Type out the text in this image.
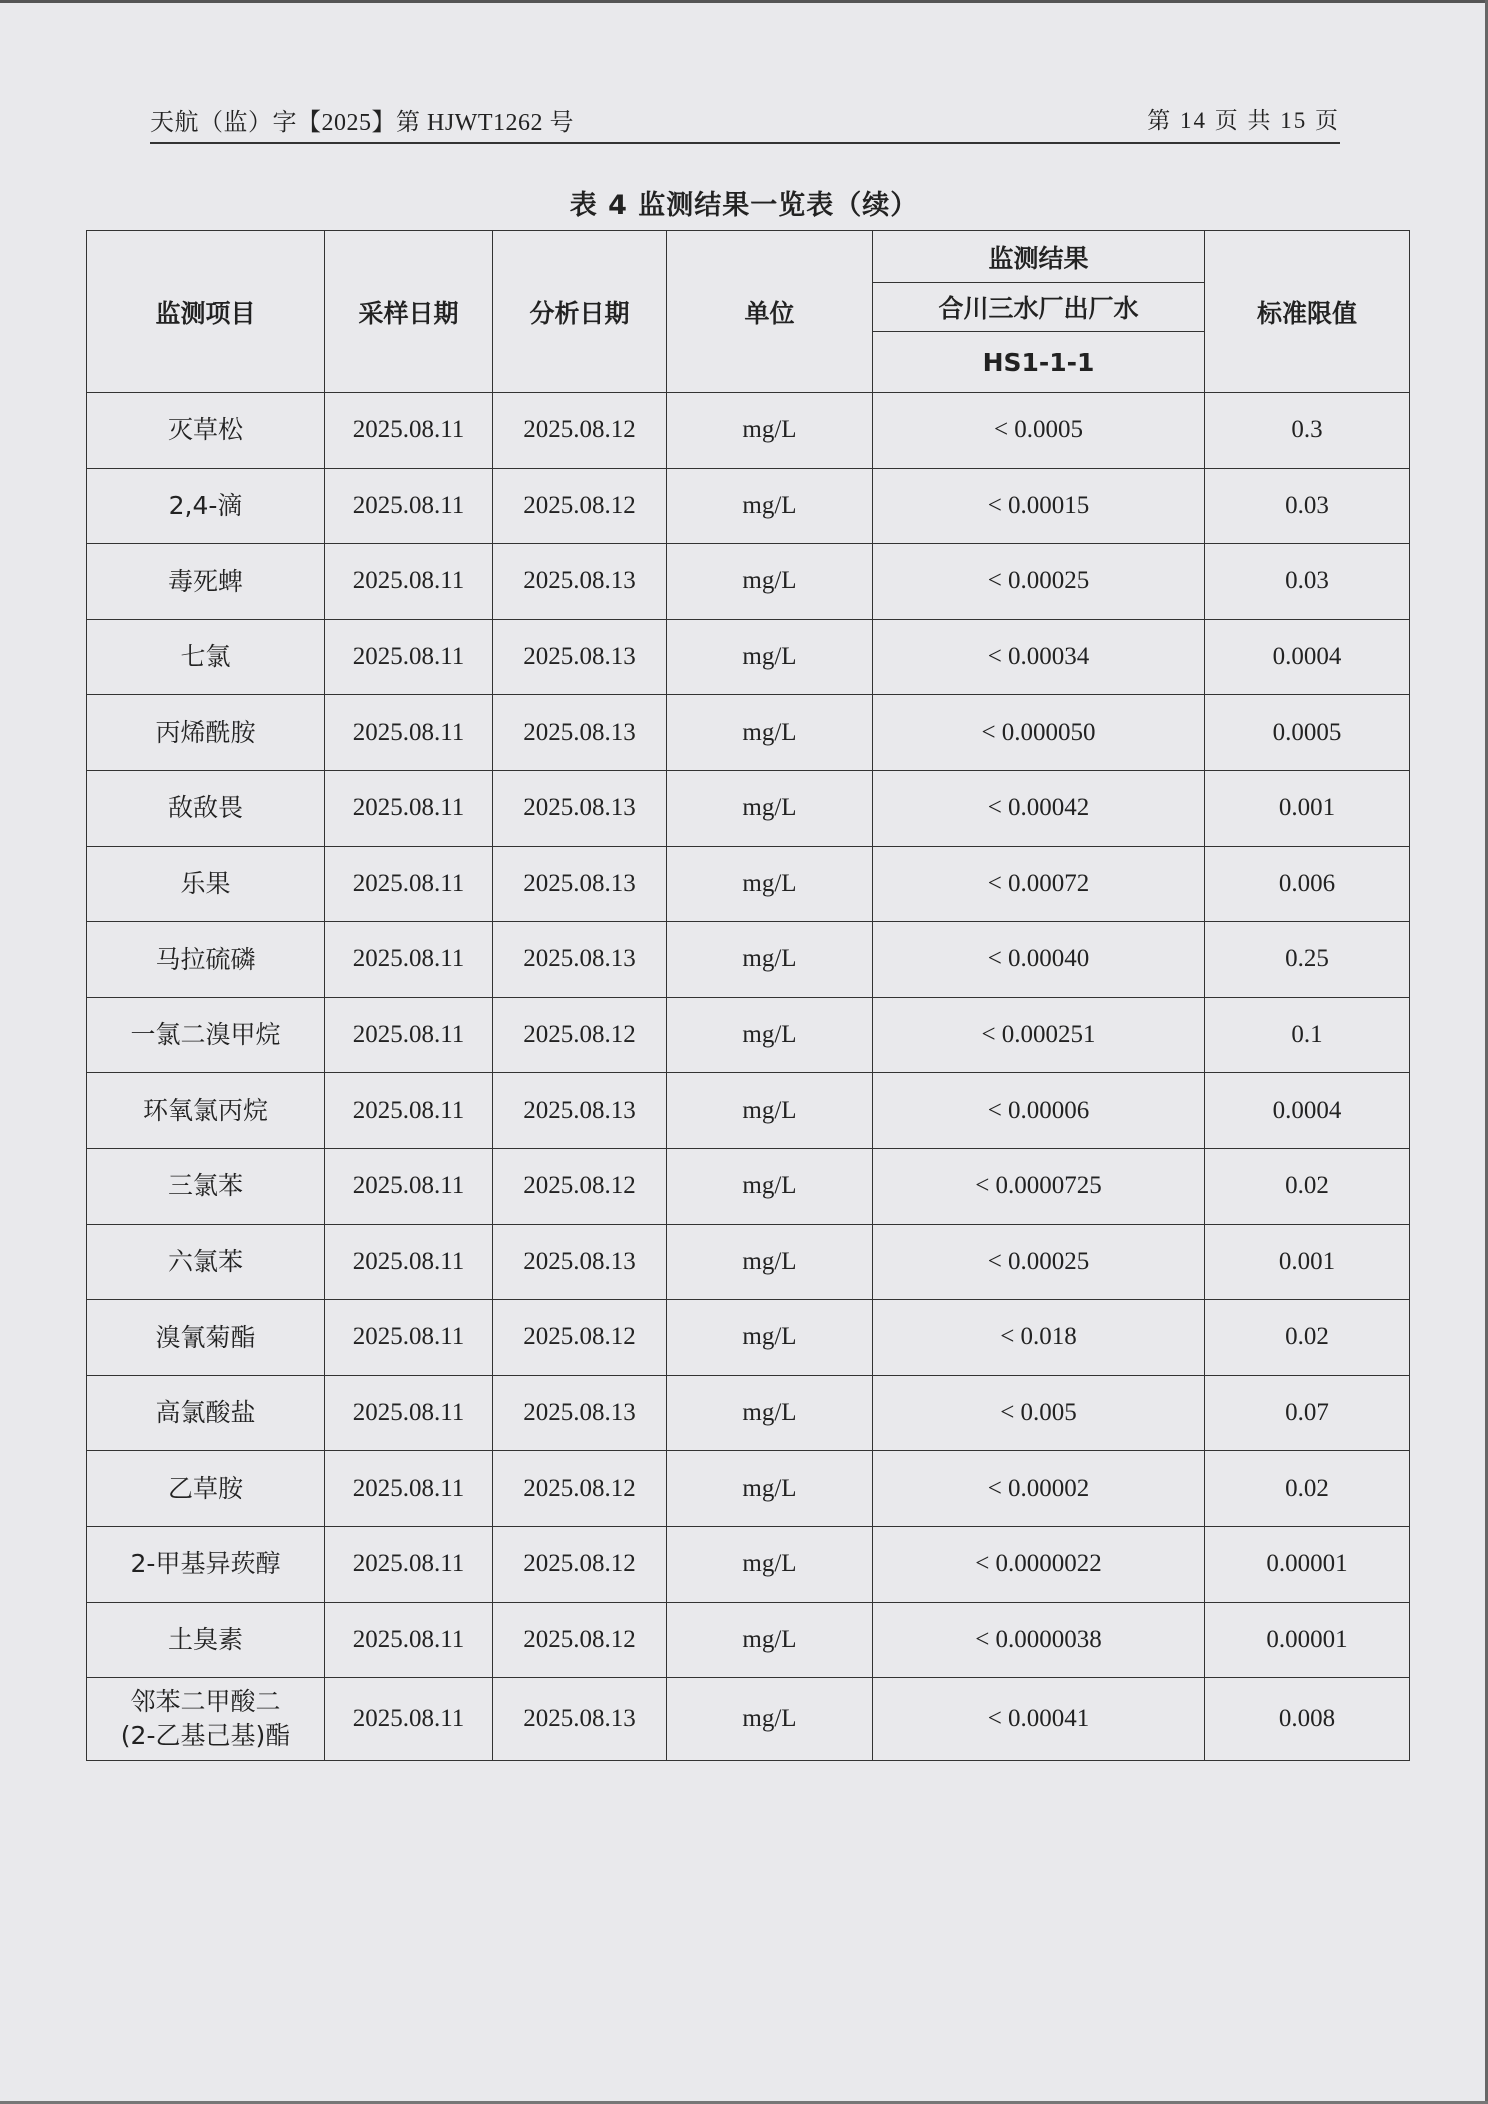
天航（监）字【2025】第 HJWT1262 号	第 14 页 共 15 页
表 4 监测结果一览表（续）
监测项目	采样日期	分析日期	单位	监测结果	标准限值
				合川三水厂出厂水	
				HS1-1-1	
灭草松	2025.08.11	2025.08.12	mg/L	< 0.0005	0.3
2,4-滴	2025.08.11	2025.08.12	mg/L	< 0.00015	0.03
毒死蜱	2025.08.11	2025.08.13	mg/L	< 0.00025	0.03
七氯	2025.08.11	2025.08.13	mg/L	< 0.00034	0.0004
丙烯酰胺	2025.08.11	2025.08.13	mg/L	< 0.000050	0.0005
敌敌畏	2025.08.11	2025.08.13	mg/L	< 0.00042	0.001
乐果	2025.08.11	2025.08.13	mg/L	< 0.00072	0.006
马拉硫磷	2025.08.11	2025.08.13	mg/L	< 0.00040	0.25
一氯二溴甲烷	2025.08.11	2025.08.12	mg/L	< 0.000251	0.1
环氧氯丙烷	2025.08.11	2025.08.13	mg/L	< 0.00006	0.0004
三氯苯	2025.08.11	2025.08.12	mg/L	< 0.0000725	0.02
六氯苯	2025.08.11	2025.08.13	mg/L	< 0.00025	0.001
溴氰菊酯	2025.08.11	2025.08.12	mg/L	< 0.018	0.02
高氯酸盐	2025.08.11	2025.08.13	mg/L	< 0.005	0.07
乙草胺	2025.08.11	2025.08.12	mg/L	< 0.00002	0.02
2-甲基异莰醇	2025.08.11	2025.08.12	mg/L	< 0.0000022	0.00001
土臭素	2025.08.11	2025.08.12	mg/L	< 0.0000038	0.00001
邻苯二甲酸二
(2-乙基己基)酯	2025.08.11	2025.08.13	mg/L	< 0.00041	0.008
